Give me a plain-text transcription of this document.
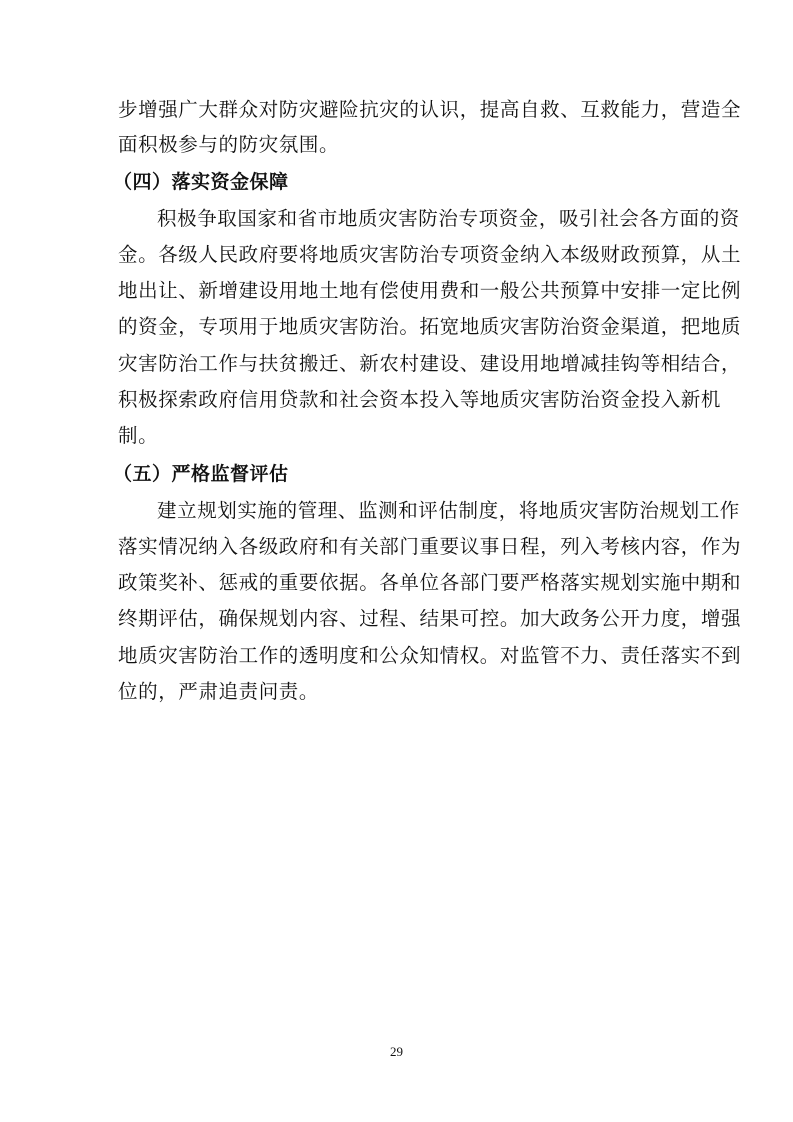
步增强广大群众对防灾避险抗灾的认识，提高自救、互救能力，营造全
面积极参与的防灾氛围。
（四）落实资金保障
积极争取国家和省市地质灾害防治专项资金，吸引社会各方面的资
金。各级人民政府要将地质灾害防治专项资金纳入本级财政预算，从土
地出让、新增建设用地土地有偿使用费和一般公共预算中安排一定比例
的资金，专项用于地质灾害防治。拓宽地质灾害防治资金渠道，把地质
灾害防治工作与扶贫搬迁、新农村建设、建设用地增减挂钩等相结合，
积极探索政府信用贷款和社会资本投入等地质灾害防治资金投入新机
制。
（五）严格监督评估
建立规划实施的管理、监测和评估制度，将地质灾害防治规划工作
落实情况纳入各级政府和有关部门重要议事日程，列入考核内容，作为
政策奖补、惩戒的重要依据。各单位各部门要严格落实规划实施中期和
终期评估，确保规划内容、过程、结果可控。加大政务公开力度，增强
地质灾害防治工作的透明度和公众知情权。对监管不力、责任落实不到
位的，严肃追责问责。
29
